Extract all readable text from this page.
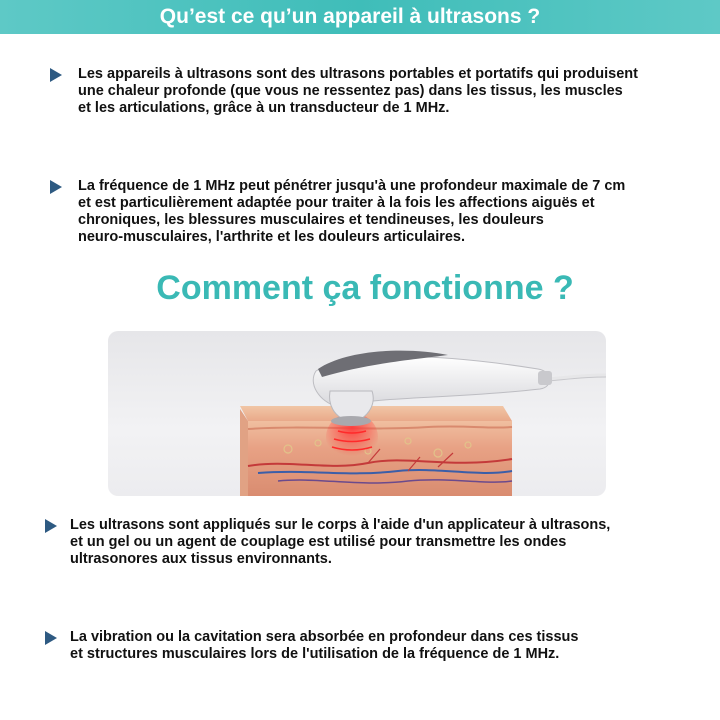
Qu’est ce qu’un appareil à ultrasons ?
Les appareils à ultrasons sont des ultrasons portables et portatifs qui produisent
une chaleur profonde (que vous ne ressentez pas) dans les tissus, les muscles
et les articulations, grâce à un transducteur de 1 MHz.
La fréquence de 1 MHz peut pénétrer jusqu'à une profondeur maximale de 7 cm
et est particulièrement adaptée pour traiter à la fois les affections aiguës et
chroniques, les blessures musculaires et tendineuses, les douleurs
neuro-musculaires, l'arthrite et les douleurs articulaires.
Comment ça fonctionne ?
Les ultrasons sont appliqués sur le corps à l'aide d'un applicateur à ultrasons,
et un gel ou un agent de couplage est utilisé pour transmettre les ondes
ultrasonores aux tissus environnants.
La vibration ou la cavitation sera absorbée en profondeur dans ces tissus
et structures musculaires lors de l'utilisation de la fréquence de 1 MHz.
